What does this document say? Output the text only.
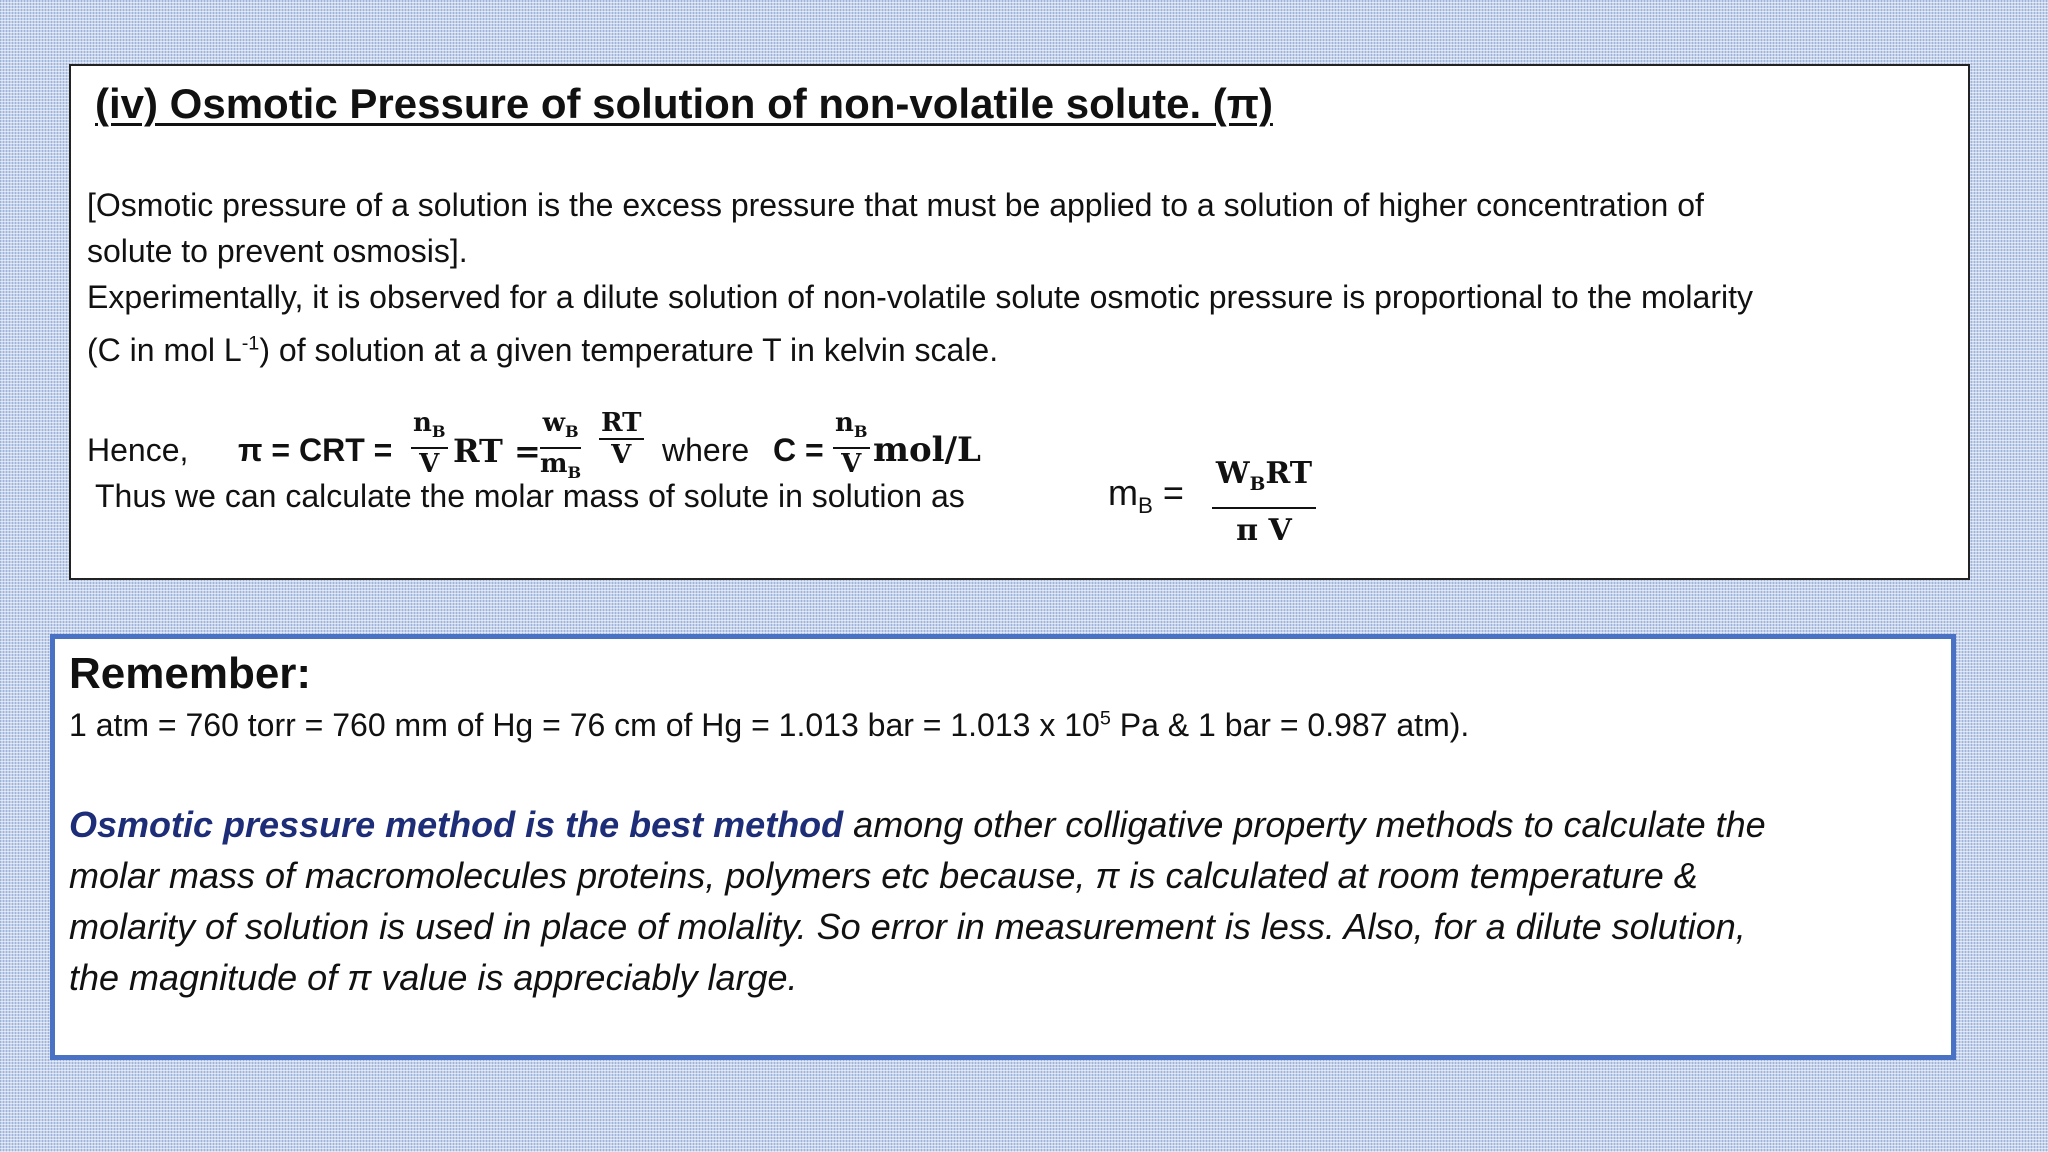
(iv) Osmotic Pressure of solution of non-volatile solute. (π)
[Osmotic pressure of a solution is the excess pressure that must be applied to a solution of higher concentration of
solute to prevent osmosis].
Experimentally, it is observed for a dilute solution of non-volatile solute osmotic pressure is proportional to the molarity
(C in mol $L^{-1}$) of solution at a given temperature T in kelvin scale.
Hence, π = CRT = $\frac{n_B}{V}$ RT = $\frac{w_B}{m_B} \frac{RT}{V}$ where $C = \frac{n_B}{V} mol/L$
Thus we can calculate the molar mass of solute in solution as	$m_B = W_BRT$
π V
Remember:
1 atm = 760 torr = 760 mm of Hg = 76 cm of Hg = 1.013 bar = 1.013 x $10^5$ Pa & 1 bar = 0.987 atm).
Osmotic pressure method is the best method among other colligative property methods to calculate the
molar mass of macromolecules proteins, polymers etc because, π is calculated at room temperature &
molarity of solution is used in place of molality. So error in measurement is less. Also, for a dilute solution,
the magnitude of π value is appreciably large.
